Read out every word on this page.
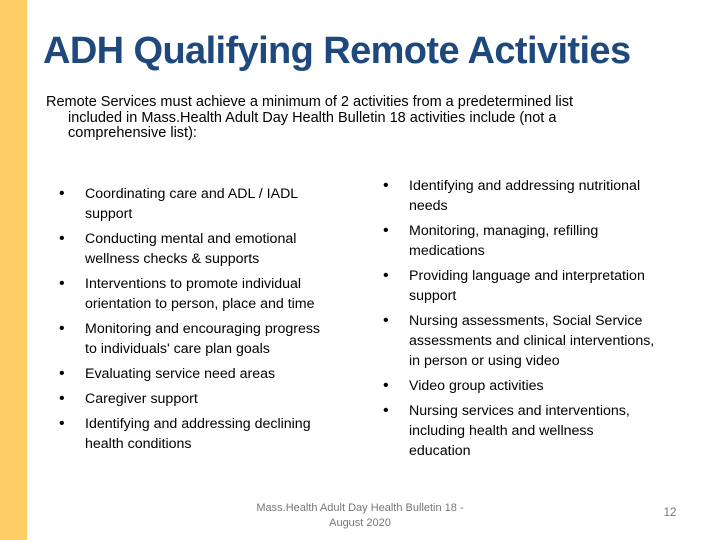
ADH Qualifying Remote Activities
Remote Services must achieve a minimum of 2 activities from a predetermined list
included in Mass.Health Adult Day Health Bulletin 18 activities include (not a
comprehensive list):
• Coordinating care and ADL / IADL
support
• Conducting mental and emotional
wellness checks & supports
• Interventions to promote individual
orientation to person, place and time
• Monitoring and encouraging progress
to individuals' care plan goals
• Evaluating service need areas
• Caregiver support
• Identifying and addressing declining
health conditions
• Identifying and addressing nutritional
needs
• Monitoring, managing, refilling
medications
• Providing language and interpretation
support
• Nursing assessments, Social Service
assessments and clinical interventions,
in person or using video
• Video group activities
• Nursing services and interventions,
including health and wellness
education
Mass.Health Adult Day Health Bulletin 18 -
August 2020
12
